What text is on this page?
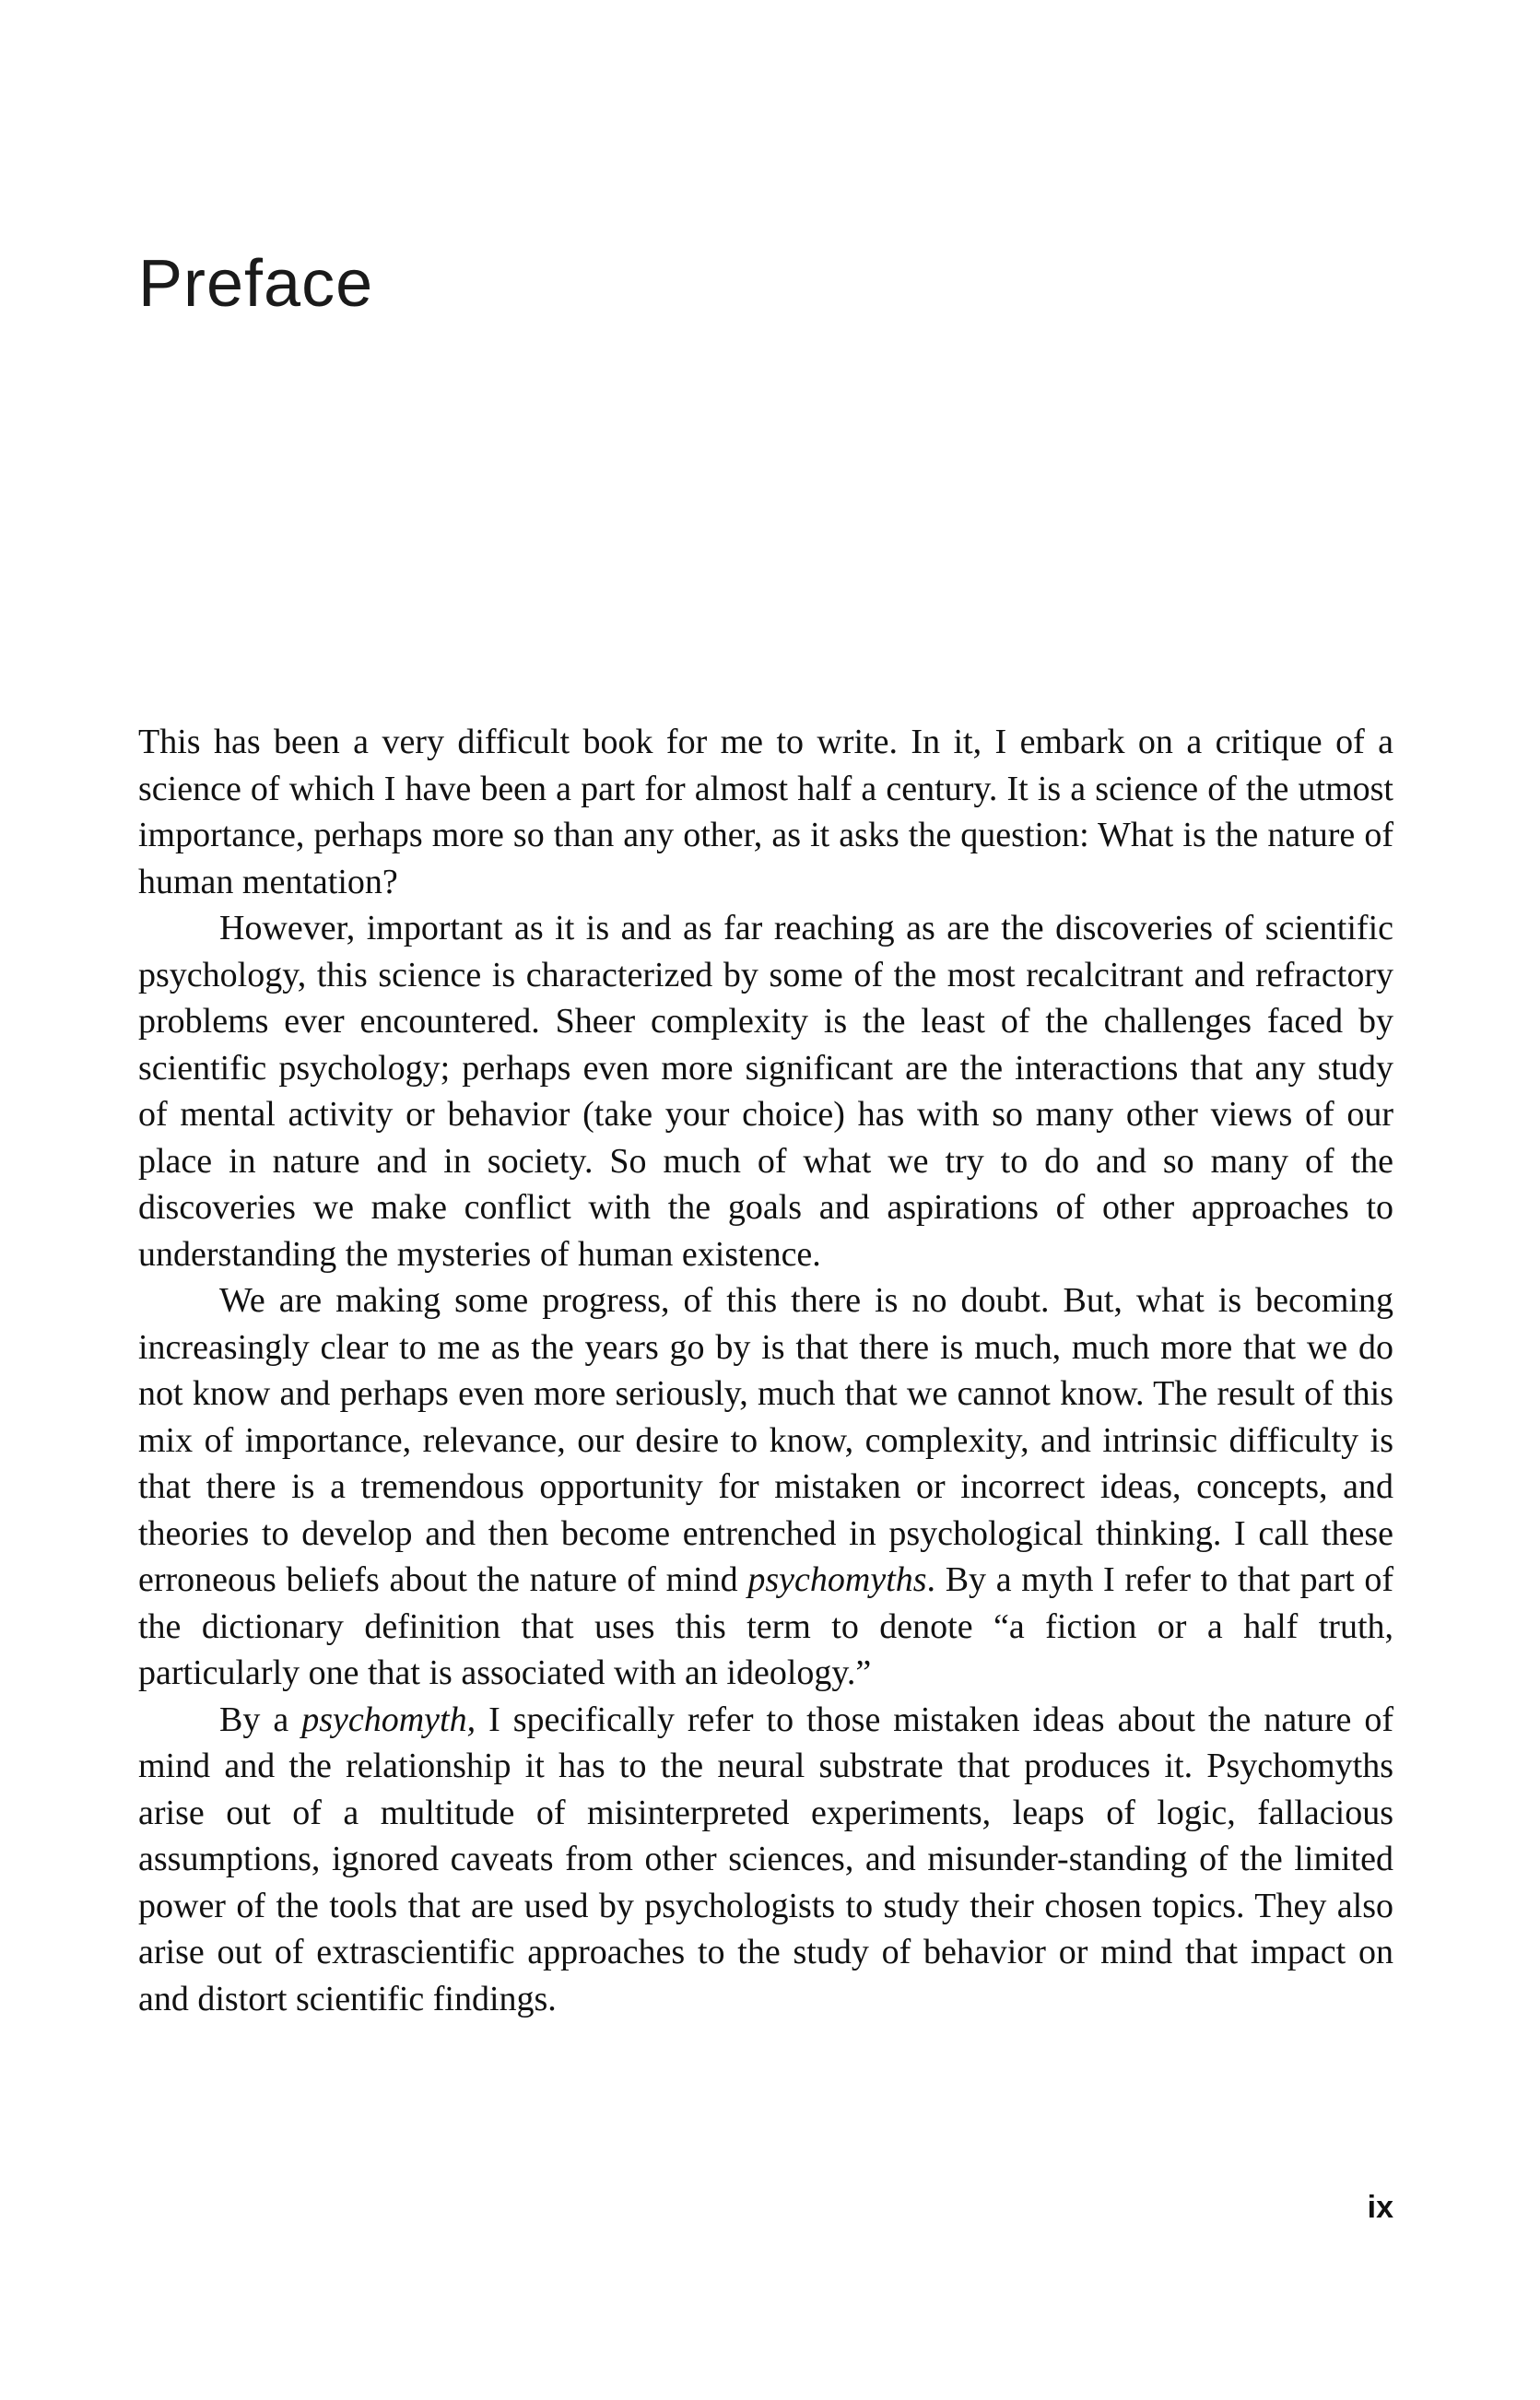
Preface

This has been a very difficult book for me to write. In it, I embark on a critique of a science of which I have been a part for almost half a century. It is a science of the utmost importance, perhaps more so than any other, as it asks the question: What is the nature of human mentation?

However, important as it is and as far reaching as are the discoveries of scientific psychology, this science is characterized by some of the most recalcitrant and refractory problems ever encountered. Sheer complexity is the least of the challenges faced by scientific psychology; perhaps even more significant are the interactions that any study of mental activity or behavior (take your choice) has with so many other views of our place in nature and in society. So much of what we try to do and so many of the discoveries we make conflict with the goals and aspirations of other approaches to understanding the mysteries of human existence.

We are making some progress, of this there is no doubt. But, what is becoming increasingly clear to me as the years go by is that there is much, much more that we do not know and perhaps even more seriously, much that we cannot know. The result of this mix of importance, relevance, our desire to know, complexity, and intrinsic difficulty is that there is a tremendous opportunity for mistaken or incorrect ideas, concepts, and theories to develop and then become entrenched in psychological thinking. I call these erroneous beliefs about the nature of mind psychomyths. By a myth I refer to that part of the dictionary definition that uses this term to denote “a fiction or a half truth, particularly one that is associated with an ideology.”

By a psychomyth, I specifically refer to those mistaken ideas about the nature of mind and the relationship it has to the neural substrate that produces it. Psychomyths arise out of a multitude of misinterpreted experiments, leaps of logic, fallacious assumptions, ignored caveats from other sciences, and misunder-standing of the limited power of the tools that are used by psychologists to study their chosen topics. They also arise out of extrascientific approaches to the study of behavior or mind that impact on and distort scientific findings.

ix
